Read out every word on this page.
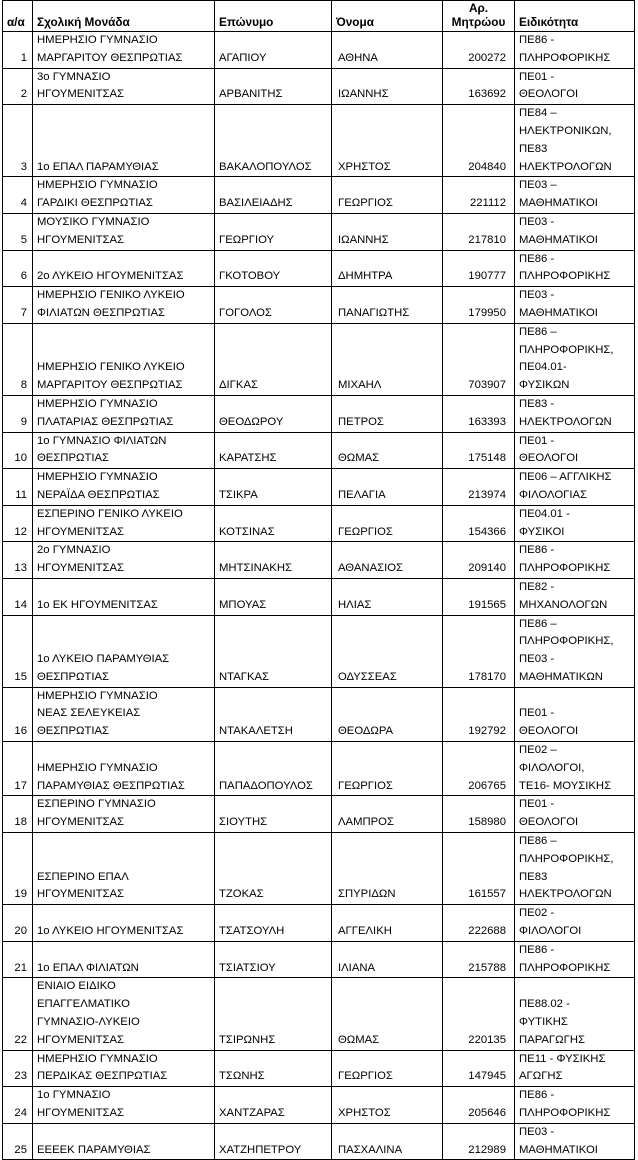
α/α	Σχολική Μονάδα	Επώνυμο	Όνομα	Αρ.
Μητρώου	Ειδικότητα
1	ΗΜΕΡΗΣΙΟ ΓΥΜΝΑΣΙΟ
ΜΑΡΓΑΡΙΤΟΥ ΘΕΣΠΡΩΤΙΑΣ	ΑΓΑΠΙΟΥ	ΑΘΗΝΑ	200272	ΠΕ86 -
ΠΛΗΡΟΦΟΡΙΚΗΣ
2	3ο ΓΥΜΝΑΣΙΟ
ΗΓΟΥΜΕΝΙΤΣΑΣ	ΑΡΒΑΝΙΤΗΣ	ΙΩΑΝΝΗΣ	163692	ΠΕ01 -
ΘΕΟΛΟΓΟΙ
3	1ο ΕΠΑΛ ΠΑΡΑΜΥΘΙΑΣ	ΒΑΚΑΛΟΠΟΥΛΟΣ	ΧΡΗΣΤΟΣ	204840	ΠΕ84 –
ΗΛΕΚΤΡΟΝΙΚΩΝ,
ΠΕ83
ΗΛΕΚΤΡΟΛΟΓΩΝ
4	ΗΜΕΡΗΣΙΟ ΓΥΜΝΑΣΙΟ
ΓΑΡΔΙΚΙ ΘΕΣΠΡΩΤΙΑΣ	ΒΑΣΙΛΕΙΑΔΗΣ	ΓΕΩΡΓΙΟΣ	221112	ΠΕ03 –
ΜΑΘΗΜΑΤΙΚΟΙ
5	ΜΟΥΣΙΚΟ ΓΥΜΝΑΣΙΟ
ΗΓΟΥΜΕΝΙΤΣΑΣ	ΓΕΩΡΓΙΟΥ	ΙΩΑΝΝΗΣ	217810	ΠΕ03 -
ΜΑΘΗΜΑΤΙΚΟΙ
6	2ο ΛΥΚΕΙΟ ΗΓΟΥΜΕΝΙΤΣΑΣ	ΓΚΟΤΟΒΟΥ	ΔΗΜΗΤΡΑ	190777	ΠΕ86 -
ΠΛΗΡΟΦΟΡΙΚΗΣ
7	ΗΜΕΡΗΣΙΟ ΓΕΝΙΚΟ ΛΥΚΕΙΟ
ΦΙΛΙΑΤΩΝ ΘΕΣΠΡΩΤΙΑΣ	ΓΟΓΟΛΟΣ	ΠΑΝΑΓΙΩΤΗΣ	179950	ΠΕ03 -
ΜΑΘΗΜΑΤΙΚΟΙ
8	ΗΜΕΡΗΣΙΟ ΓΕΝΙΚΟ ΛΥΚΕΙΟ
ΜΑΡΓΑΡΙΤΟΥ ΘΕΣΠΡΩΤΙΑΣ	ΔΙΓΚΑΣ	ΜΙΧΑΗΛ	703907	ΠΕ86 –
ΠΛΗΡΟΦΟΡΙΚΗΣ,
ΠΕ04.01-
ΦΥΣΙΚΩΝ
9	ΗΜΕΡΗΣΙΟ ΓΥΜΝΑΣΙΟ
ΠΛΑΤΑΡΙΑΣ ΘΕΣΠΡΩΤΙΑΣ	ΘΕΟΔΩΡΟΥ	ΠΕΤΡΟΣ	163393	ΠΕ83 -
ΗΛΕΚΤΡΟΛΟΓΩΝ
10	1ο ΓΥΜΝΑΣΙΟ ΦΙΛΙΑΤΩΝ
ΘΕΣΠΡΩΤΙΑΣ	ΚΑΡΑΤΣΗΣ	ΘΩΜΑΣ	175148	ΠΕ01 -
ΘΕΟΛΟΓΟΙ
11	ΗΜΕΡΗΣΙΟ ΓΥΜΝΑΣΙΟ
ΝΕΡΑΪΔΑ ΘΕΣΠΡΩΤΙΑΣ	ΤΣΙΚΡΑ	ΠΕΛΑΓΙΑ	213974	ΠΕ06 – ΑΓΓΛΙΚΗΣ
ΦΙΛΟΛΟΓΙΑΣ
12	ΕΣΠΕΡΙΝΟ ΓΕΝΙΚΟ ΛΥΚΕΙΟ
ΗΓΟΥΜΕΝΙΤΣΑΣ	ΚΟΤΣΙΝΑΣ	ΓΕΩΡΓΙΟΣ	154366	ΠΕ04.01 -
ΦΥΣΙΚΟΙ
13	2ο ΓΥΜΝΑΣΙΟ
ΗΓΟΥΜΕΝΙΤΣΑΣ	ΜΗΤΣΙΝΑΚΗΣ	ΑΘΑΝΑΣΙΟΣ	209140	ΠΕ86 -
ΠΛΗΡΟΦΟΡΙΚΗΣ
14	1ο ΕΚ ΗΓΟΥΜΕΝΙΤΣΑΣ	ΜΠΟΥΑΣ	ΗΛΙΑΣ	191565	ΠΕ82 -
ΜΗΧΑΝΟΛΟΓΩΝ
15	1ο ΛΥΚΕΙΟ ΠΑΡΑΜΥΘΙΑΣ
ΘΕΣΠΡΩΤΙΑΣ	ΝΤΑΓΚΑΣ	ΟΔΥΣΣΕΑΣ	178170	ΠΕ86 –
ΠΛΗΡΟΦΟΡΙΚΗΣ,
ΠΕ03 -
ΜΑΘΗΜΑΤΙΚΩΝ
16	ΗΜΕΡΗΣΙΟ ΓΥΜΝΑΣΙΟ
ΝΕΑΣ ΣΕΛΕΥΚΕΙΑΣ
ΘΕΣΠΡΩΤΙΑΣ	ΝΤΑΚΑΛΕΤΣΗ	ΘΕΟΔΩΡΑ	192792	ΠΕ01 -
ΘΕΟΛΟΓΟΙ
17	ΗΜΕΡΗΣΙΟ ΓΥΜΝΑΣΙΟ
ΠΑΡΑΜΥΘΙΑΣ ΘΕΣΠΡΩΤΙΑΣ	ΠΑΠΑΔΟΠΟΥΛΟΣ	ΓΕΩΡΓΙΟΣ	206765	ΠΕ02 –
ΦΙΛΟΛΟΓΟΙ,
ΤΕ16- ΜΟΥΣΙΚΗΣ
18	ΕΣΠΕΡΙΝΟ ΓΥΜΝΑΣΙΟ
ΗΓΟΥΜΕΝΙΤΣΑΣ	ΣΙΟΥΤΗΣ	ΛΑΜΠΡΟΣ	158980	ΠΕ01 -
ΘΕΟΛΟΓΟΙ
19	ΕΣΠΕΡΙΝΟ ΕΠΑΛ
ΗΓΟΥΜΕΝΙΤΣΑΣ	ΤΖΟΚΑΣ	ΣΠΥΡΙΔΩΝ	161557	ΠΕ86 –
ΠΛΗΡΟΦΟΡΙΚΗΣ,
ΠΕ83
ΗΛΕΚΤΡΟΛΟΓΩΝ
20	1ο ΛΥΚΕΙΟ ΗΓΟΥΜΕΝΙΤΣΑΣ	ΤΣΑΤΣΟΥΛΗ	ΑΓΓΕΛΙΚΗ	222688	ΠΕ02 -
ΦΙΛΟΛΟΓΟΙ
21	1ο ΕΠΑΛ ΦΙΛΙΑΤΩΝ	ΤΣΙΑΤΣΙΟΥ	ΙΛΙΑΝΑ	215788	ΠΕ86 -
ΠΛΗΡΟΦΟΡΙΚΗΣ
22	ΕΝΙΑΙΟ ΕΙΔΙΚΟ
ΕΠΑΓΓΕΛΜΑΤΙΚΟ
ΓΥΜΝΑΣΙΟ-ΛΥΚΕΙΟ
ΗΓΟΥΜΕΝΙΤΣΑΣ	ΤΣΙΡΩΝΗΣ	ΘΩΜΑΣ	220135	ΠΕ88.02 -
ΦΥΤΙΚΗΣ
ΠΑΡΑΓΩΓΗΣ
23	ΗΜΕΡΗΣΙΟ ΓΥΜΝΑΣΙΟ
ΠΕΡΔΙΚΑΣ ΘΕΣΠΡΩΤΙΑΣ	ΤΣΩΝΗΣ	ΓΕΩΡΓΙΟΣ	147945	ΠΕ11 - ΦΥΣΙΚΗΣ
ΑΓΩΓΗΣ
24	1ο ΓΥΜΝΑΣΙΟ
ΗΓΟΥΜΕΝΙΤΣΑΣ	ΧΑΝΤΖΑΡΑΣ	ΧΡΗΣΤΟΣ	205646	ΠΕ86 -
ΠΛΗΡΟΦΟΡΙΚΗΣ
25	ΕΕΕΕΚ ΠΑΡΑΜΥΘΙΑΣ	ΧΑΤΖΗΠΕΤΡΟΥ	ΠΑΣΧΑΛΙΝΑ	212989	ΠΕ03 -
ΜΑΘΗΜΑΤΙΚΟΙ
